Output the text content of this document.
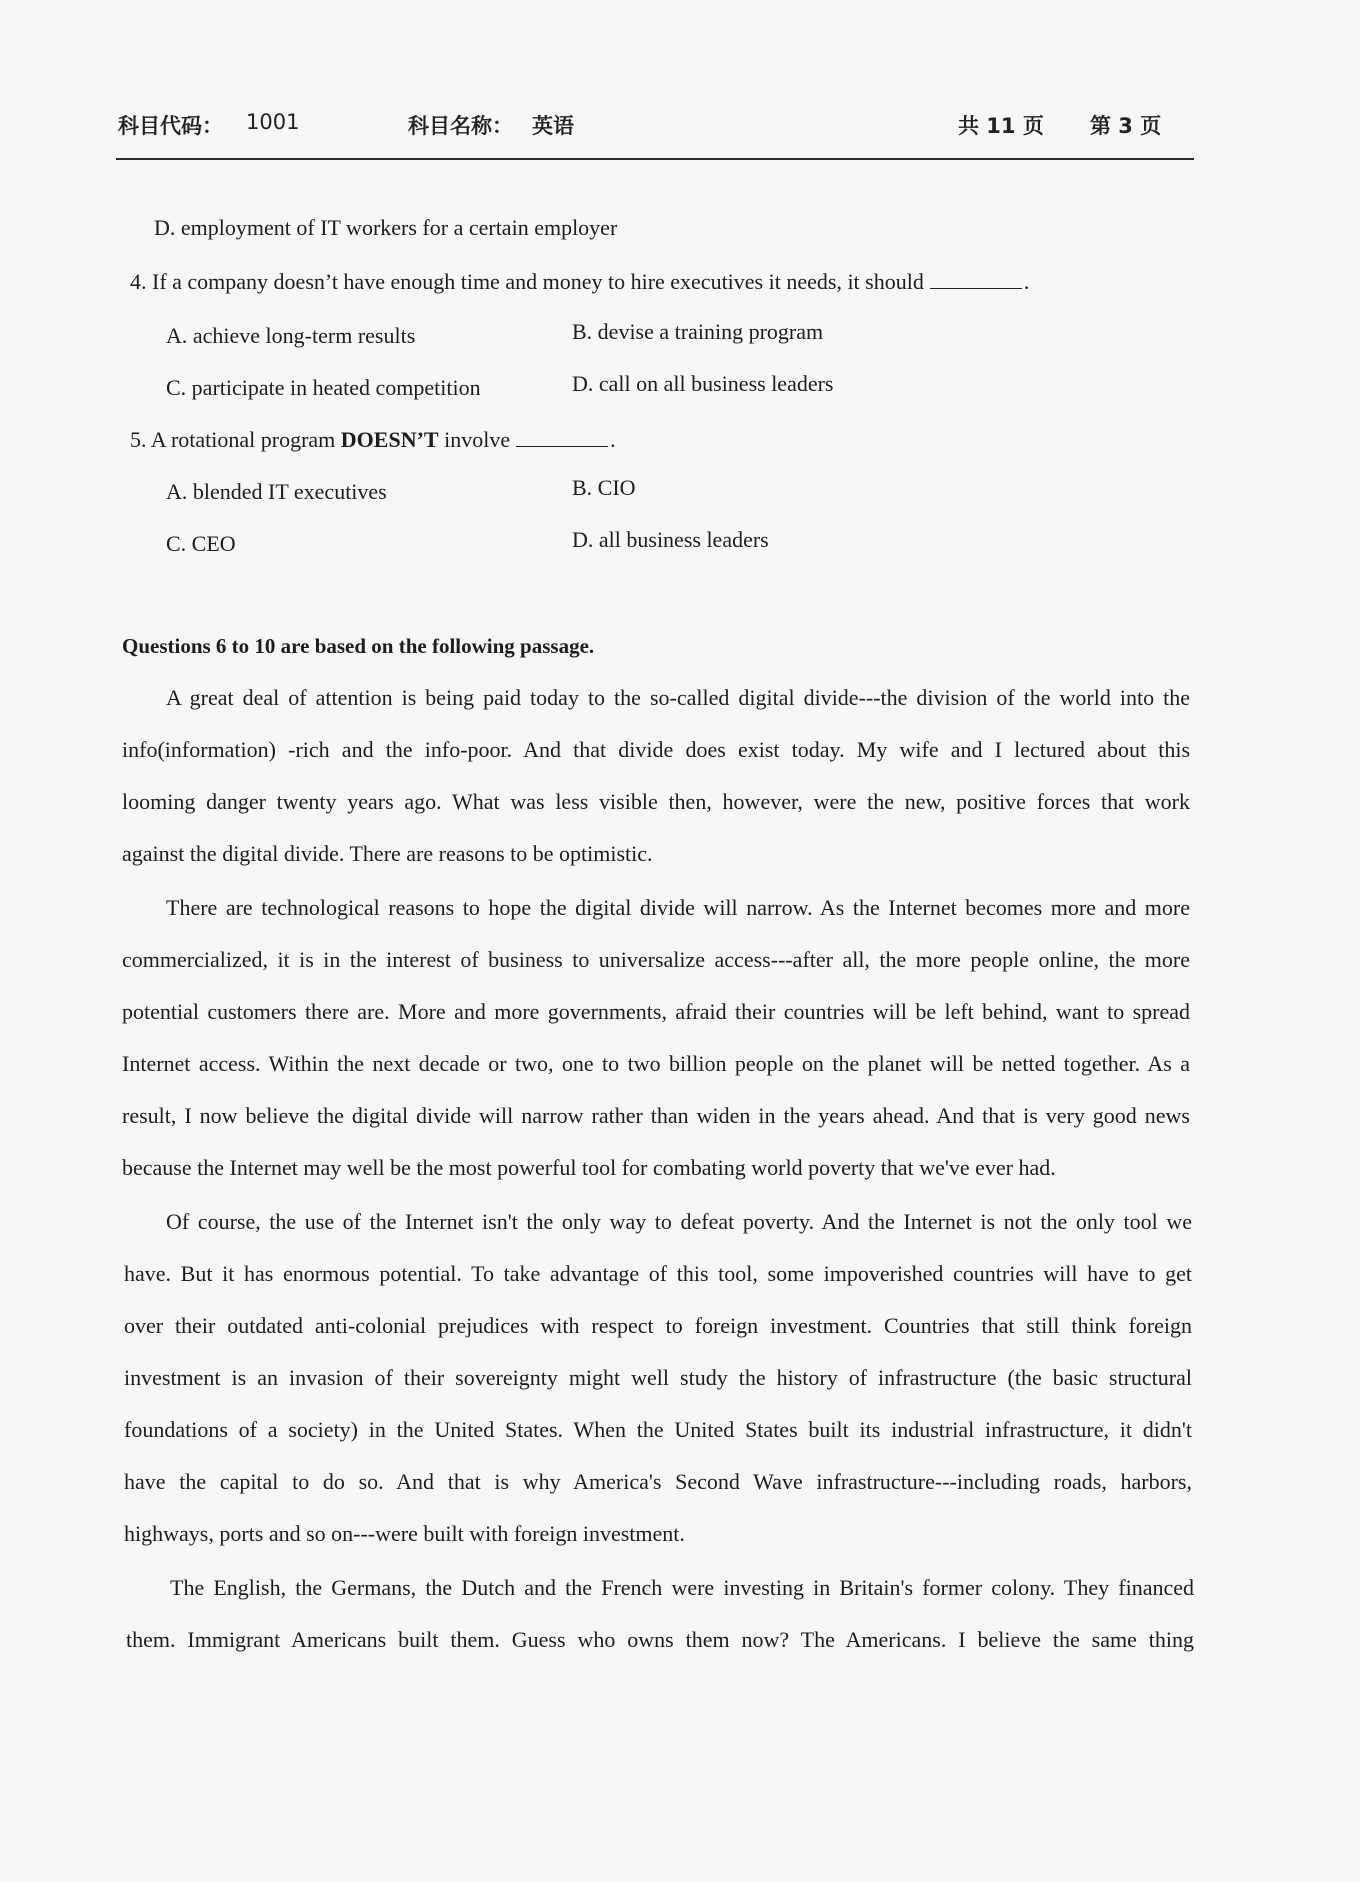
科目代码： 1001	科目名称： 英语	共 11 页 第 3 页
D. employment of IT workers for a certain employer
4. If a company doesn’t have enough time and money to hire executives it needs, it should	.
A. achieve long-term results	B. devise a training program
C. participate in heated competition	D. call on all business leaders
5. A rotational program DOESN’T involve	.
A. blended IT executives	B. CIO
C. CEO	D. all business leaders
Questions 6 to 10 are based on the following passage.
A great deal of attention is being paid today to the so-called digital divide---the division of the world into the
info(information) -rich and the info-poor. And that divide does exist today. My wife and I lectured about this
looming danger twenty years ago. What was less visible then, however, were the new, positive forces that work
against the digital divide. There are reasons to be optimistic.
There are technological reasons to hope the digital divide will narrow. As the Internet becomes more and more
commercialized, it is in the interest of business to universalize access---after all, the more people online, the more
potential customers there are. More and more governments, afraid their countries will be left behind, want to spread
Internet access. Within the next decade or two, one to two billion people on the planet will be netted together. As a
result, I now believe the digital divide will narrow rather than widen in the years ahead. And that is very good news
because the Internet may well be the most powerful tool for combating world poverty that we've ever had.
Of course, the use of the Internet isn't the only way to defeat poverty. And the Internet is not the only tool we
have. But it has enormous potential. To take advantage of this tool, some impoverished countries will have to get
over their outdated anti-colonial prejudices with respect to foreign investment. Countries that still think foreign
investment is an invasion of their sovereignty might well study the history of infrastructure (the basic structural
foundations of a society) in the United States. When the United States built its industrial infrastructure, it didn't
have the capital to do so. And that is why America's Second Wave infrastructure---including roads, harbors,
highways, ports and so on---were built with foreign investment.
The English, the Germans, the Dutch and the French were investing in Britain's former colony. They financed
them. Immigrant Americans built them. Guess who owns them now? The Americans. I believe the same thing
